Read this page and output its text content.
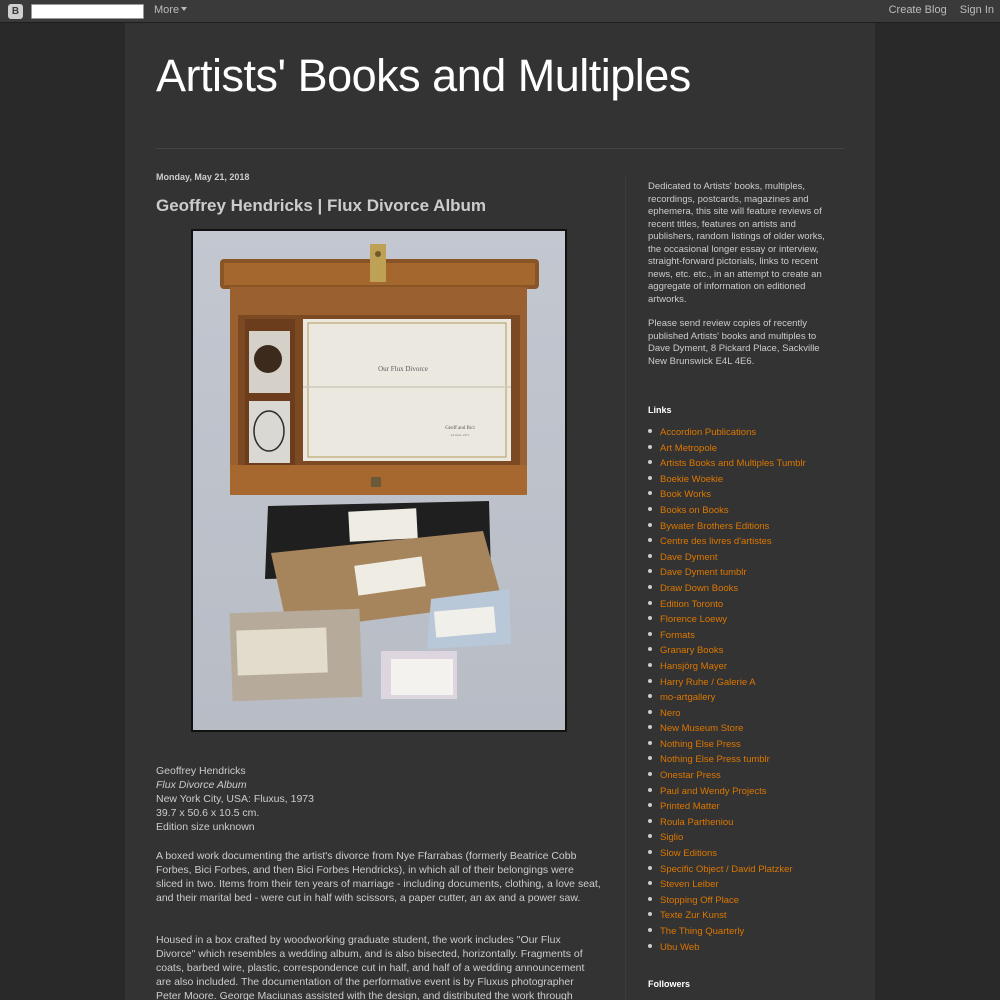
B	More	Create Blog Sign In
Artists' Books and Multiples
Monday, May 21, 2018
Geoffrey Hendricks | Flux Divorce Album
Our Flux Divorce
Geoff and Bici
24 June 1971
Geoffrey Hendricks
Flux Divorce Album
New York City, USA: Fluxus, 1973
39.7 x 50.6 x 10.5 cm.
Edition size unknown

A boxed work documenting the artist's divorce from Nye Ffarrabas (formerly Beatrice Cobb Forbes, Bici Forbes, and then Bici Forbes Hendricks), in which all of their belongings were sliced in two. Items from their ten years of marriage - including documents, clothing, a love seat, and their marital bed - were cut in half with scissors, a paper cutter, an ax and a power saw.

Housed in a box crafted by woodworking graduate student, the work includes "Our Flux Divorce" which resembles a wedding album, and is also bisected, horizontally. Fragments of coats, barbed wire, plastic, correspondence cut in half, and half of a wedding announcement are also included. The documentation of the performative event is by Fluxus photographer Peter Moore. George Maciunas assisted with the design, and distributed the work through

Dedicated to Artists' books, multiples, recordings, postcards, magazines and ephemera, this site will feature reviews of recent titles, features on artists and publishers, random listings of older works, the occasional longer essay or interview, straight-forward pictorials, links to recent news, etc. etc., in an attempt to create an aggregate of information on editioned artworks.

Please send review copies of recently published Artists' books and multiples to Dave Dyment, 8 Pickard Place, Sackville New Brunswick E4L 4E6.

Links
Accordion Publications
Art Metropole
Artists Books and Multiples Tumblr
Boekie Woekie
Book Works
Books on Books
Bywater Brothers Editions
Centre des livres d'artistes
Dave Dyment
Dave Dyment tumblr
Draw Down Books
Edition Toronto
Florence Loewy
Formats
Granary Books
Hansjörg Mayer
Harry Ruhe / Galerie A
mo-artgallery
Nero
New Museum Store
Nothing Else Press
Nothing Else Press tumblr
Onestar Press
Paul and Wendy Projects
Printed Matter
Roula Partheniou
Siglio
Slow Editions
Specific Object / David Platzker
Steven Leiber
Stopping Off Place
Texte Zur Kunst
The Thing Quarterly
Ubu Web
Followers
